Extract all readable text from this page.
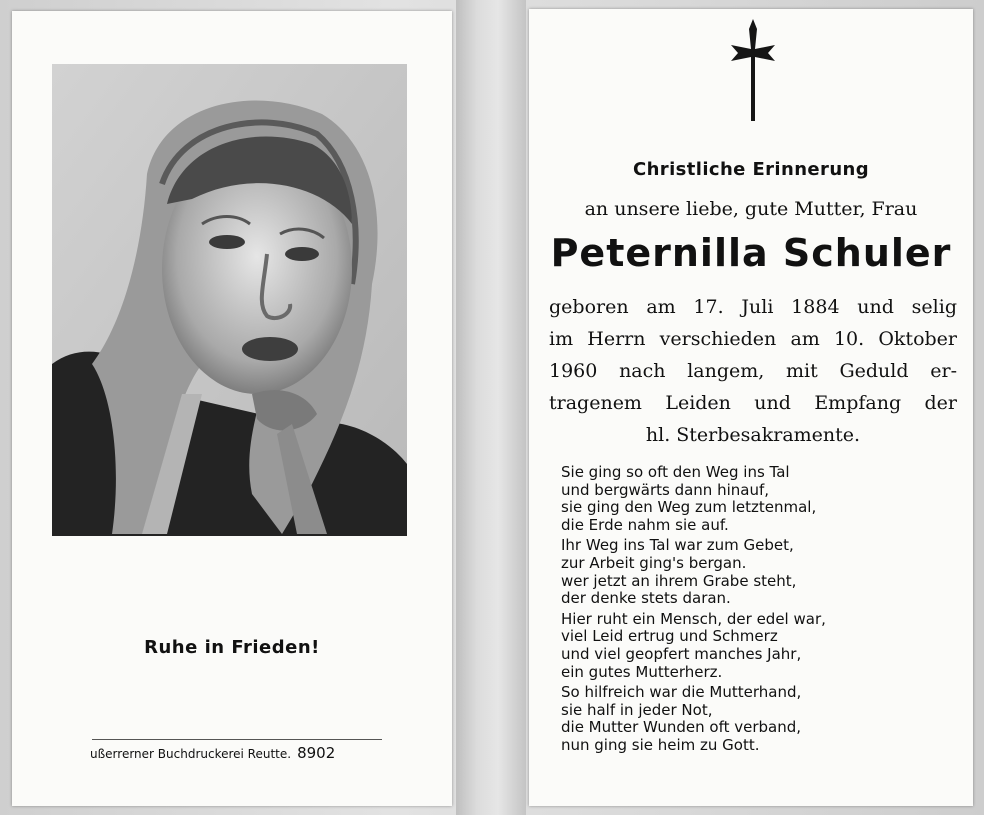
Ruhe in Frieden!
ußerrerner Buchdruckerei Reutte. 8902
Christliche Erinnerung
an unsere liebe, gute Mutter, Frau
Peternilla Schuler
geboren am 17. Juli 1884 und selig
im Herrn verschieden am 10. Oktober
1960 nach langem, mit Geduld er-
tragenem Leiden und Empfang der
hl. Sterbesakramente.
Sie ging so oft den Weg ins Tal
und bergwärts dann hinauf,
sie ging den Weg zum letztenmal,
die Erde nahm sie auf.
Ihr Weg ins Tal war zum Gebet,
zur Arbeit ging's bergan.
wer jetzt an ihrem Grabe steht,
der denke stets daran.
Hier ruht ein Mensch, der edel war,
viel Leid ertrug und Schmerz
und viel geopfert manches Jahr,
ein gutes Mutterherz.
So hilfreich war die Mutterhand,
sie half in jeder Not,
die Mutter Wunden oft verband,
nun ging sie heim zu Gott.
